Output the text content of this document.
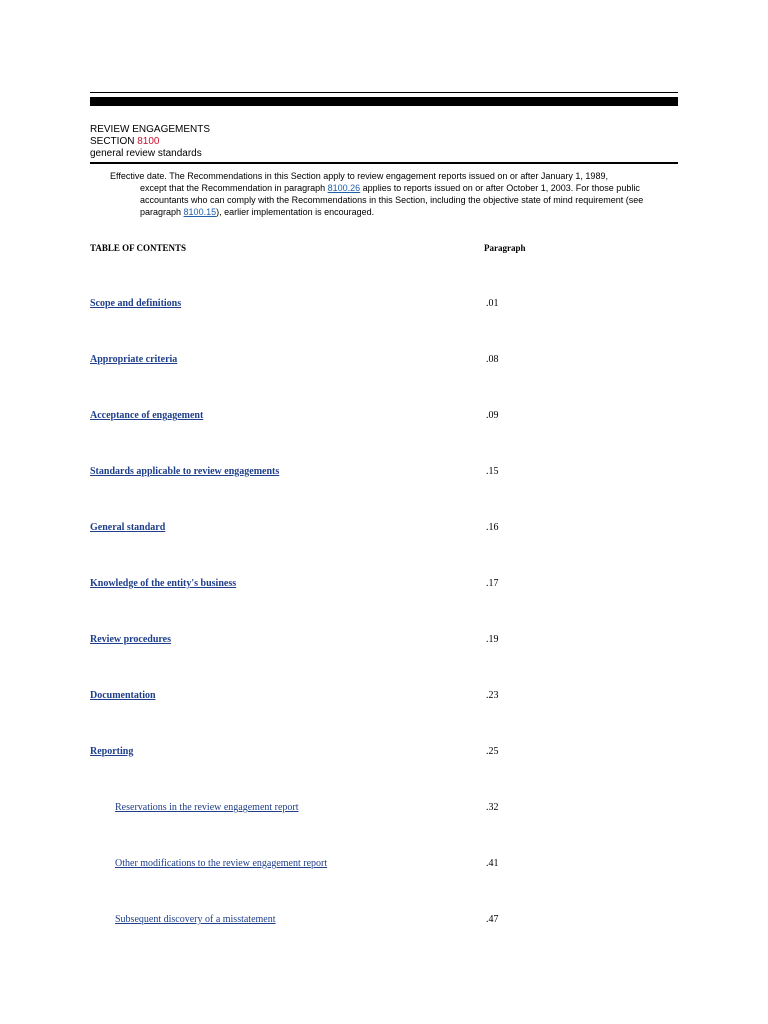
REVIEW ENGAGEMENTS
SECTION 8100
general review standards
Effective date. The Recommendations in this Section apply to review engagement reports issued on or after January 1, 1989,
except that the Recommendation in paragraph 8100.26 applies to reports issued on or after October 1, 2003. For those public accountants who can comply with the Recommendations in this Section, including the objective state of mind requirement (see paragraph 8100.15), earlier implementation is encouraged.
TABLE OF CONTENTS	Paragraph
Scope and definitions	.01
Appropriate criteria	.08
Acceptance of engagement	.09
Standards applicable to review engagements	.15
General standard	.16
Knowledge of the entity's business	.17
Review procedures	.19
Documentation	.23
Reporting	.25
Reservations in the review engagement report	.32
Other modifications to the review engagement report	.41
Subsequent discovery of a misstatement	.47
